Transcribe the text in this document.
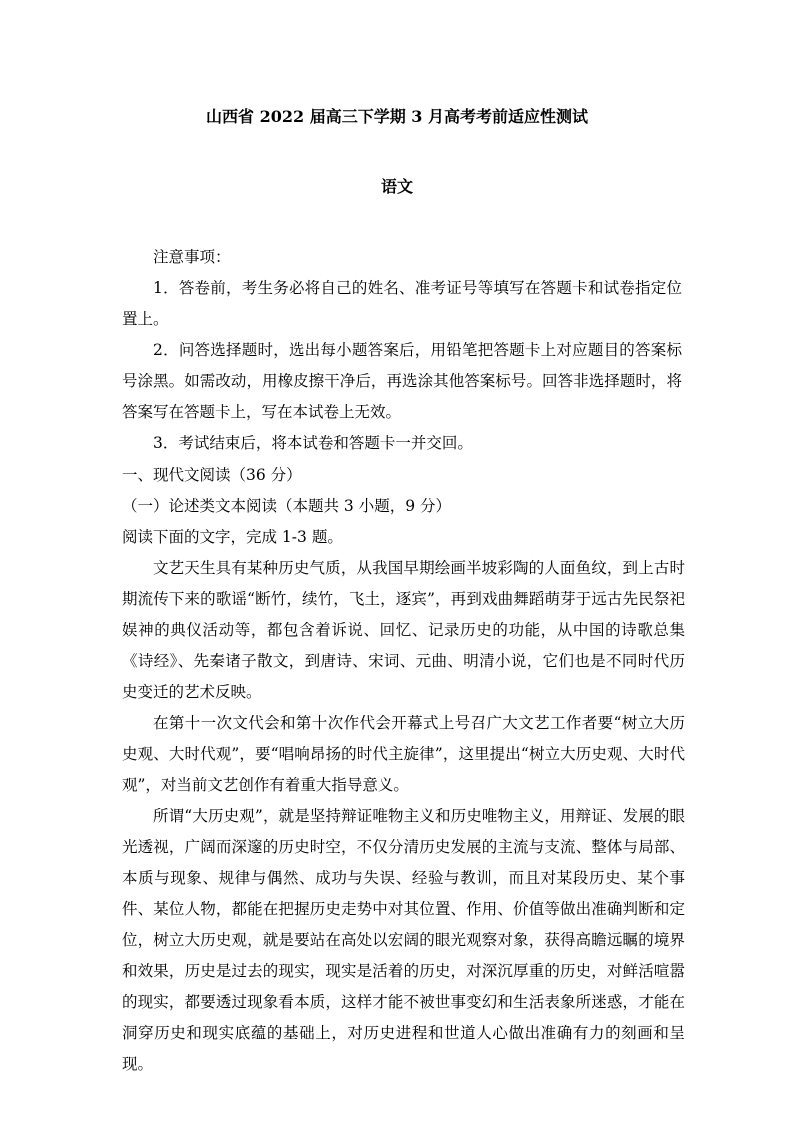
山西省 2022 届高三下学期 3 月高考考前适应性测试
语文
注意事项：
1．答卷前，考生务必将自己的姓名、准考证号等填写在答题卡和试卷指定位置上。
2．问答选择题时，选出每小题答案后，用铅笔把答题卡上对应题目的答案标号涂黑。如需改动，用橡皮擦干净后，再选涂其他答案标号。回答非选择题时，将答案写在答题卡上，写在本试卷上无效。
3．考试结束后，将本试卷和答题卡一并交回。
一、现代文阅读（36 分）
（一）论述类文本阅读（本题共 3 小题，9 分）
阅读下面的文字，完成 1-3 题。
文艺天生具有某种历史气质，从我国早期绘画半坡彩陶的人面鱼纹，到上古时期流传下来的歌谣“断竹，续竹，飞土，逐宾”，再到戏曲舞蹈萌芽于远古先民祭祀娱神的典仪活动等，都包含着诉说、回忆、记录历史的功能，从中国的诗歌总集《诗经》、先秦诸子散文，到唐诗、宋词、元曲、明清小说，它们也是不同时代历史变迁的艺术反映。
在第十一次文代会和第十次作代会开幕式上号召广大文艺工作者要“树立大历史观、大时代观”，要“唱响昂扬的时代主旋律”，这里提出“树立大历史观、大时代观”，对当前文艺创作有着重大指导意义。
所谓“大历史观”，就是坚持辩证唯物主义和历史唯物主义，用辩证、发展的眼光透视，广阔而深邃的历史时空，不仅分清历史发展的主流与支流、整体与局部、本质与现象、规律与偶然、成功与失误、经验与教训，而且对某段历史、某个事件、某位人物，都能在把握历史走势中对其位置、作用、价值等做出准确判断和定位，树立大历史观，就是要站在高处以宏阔的眼光观察对象，获得高瞻远瞩的境界和效果，历史是过去的现实，现实是活着的历史，对深沉厚重的历史，对鲜活喧嚣的现实，都要透过现象看本质，这样才能不被世事变幻和生活表象所迷惑，才能在洞穿历史和现实底蕴的基础上，对历史进程和世道人心做出准确有力的刻画和呈现。
